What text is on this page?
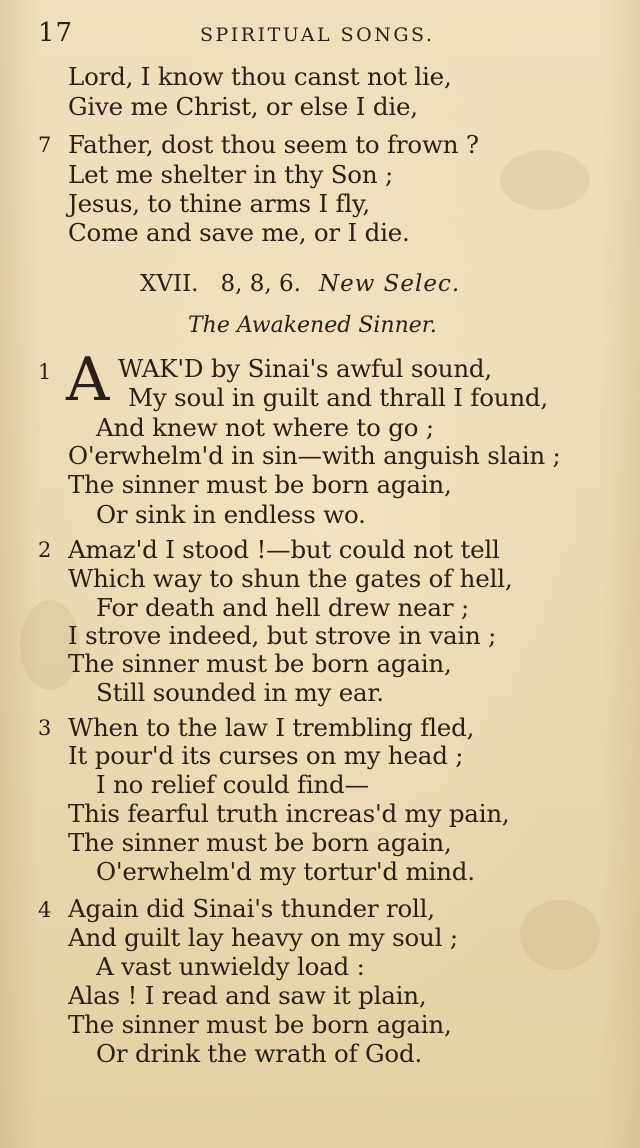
17	SPIRITUAL SONGS.
Lord, I know thou canst not lie,
Give me Christ, or else I die,
7 Father, dost thou seem to frown ?
Let me shelter in thy Son ;
Jesus, to thine arms I fly,
Come and save me, or I die.
XVII. 8, 8, 6. New Selec.
The Awakened Sinner.
1 A WAK'D by Sinai's awful sound,
My soul in guilt and thrall I found,
And knew not where to go ;
O'erwhelm'd in sin—with anguish slain ;
The sinner must be born again,
Or sink in endless wo.
2 Amaz'd I stood !—but could not tell
Which way to shun the gates of hell,
For death and hell drew near ;
I strove indeed, but strove in vain ;
The sinner must be born again,
Still sounded in my ear.
3 When to the law I trembling fled,
It pour'd its curses on my head ;
I no relief could find—
This fearful truth increas'd my pain,
The sinner must be born again,
O'erwhelm'd my tortur'd mind.
4 Again did Sinai's thunder roll,
And guilt lay heavy on my soul ;
A vast unwieldy load :
Alas ! I read and saw it plain,
The sinner must be born again,
Or drink the wrath of God.
